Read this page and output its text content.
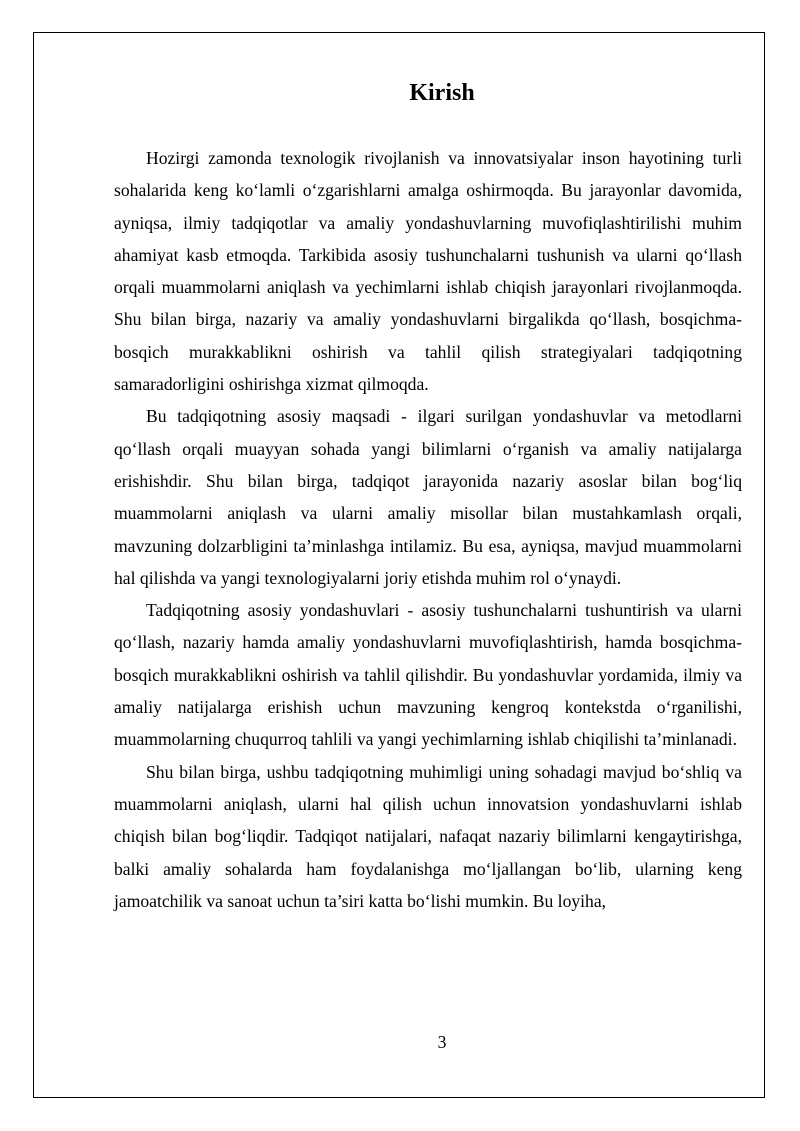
Kirish

Hozirgi zamonda texnologik rivojlanish va innovatsiyalar inson hayotining turli sohalarida keng ko‘lamli o‘zgarishlarni amalga oshirmoqda. Bu jarayonlar davomida, ayniqsa, ilmiy tadqiqotlar va amaliy yondashuvlarning muvofiqlashtirilishi muhim ahamiyat kasb etmoqda. Tarkibida asosiy tushunchalarni tushunish va ularni qo‘llash orqali muammolarni aniqlash va yechimlarni ishlab chiqish jarayonlari rivojlanmoqda. Shu bilan birga, nazariy va amaliy yondashuvlarni birgalikda qo‘llash, bosqichma-bosqich murakkablikni oshirish va tahlil qilish strategiyalari tadqiqotning samaradorligini oshirishga xizmat qilmoqda.

Bu tadqiqotning asosiy maqsadi - ilgari surilgan yondashuvlar va metodlarni qo‘llash orqali muayyan sohada yangi bilimlarni o‘rganish va amaliy natijalarga erishishdir. Shu bilan birga, tadqiqot jarayonida nazariy asoslar bilan bog‘liq muammolarni aniqlash va ularni amaliy misollar bilan mustahkamlash orqali, mavzuning dolzarbligini ta’minlashga intilamiz. Bu esa, ayniqsa, mavjud muammolarni hal qilishda va yangi texnologiyalarni joriy etishda muhim rol o‘ynaydi.

Tadqiqotning asosiy yondashuvlari - asosiy tushunchalarni tushuntirish va ularni qo‘llash, nazariy hamda amaliy yondashuvlarni muvofiqlashtirish, hamda bosqichma-bosqich murakkablikni oshirish va tahlil qilishdir. Bu yondashuvlar yordamida, ilmiy va amaliy natijalarga erishish uchun mavzuning kengroq kontekstda o‘rganilishi, muammolarning chuqurroq tahlili va yangi yechimlarning ishlab chiqilishi ta’minlanadi.

Shu bilan birga, ushbu tadqiqotning muhimligi uning sohadagi mavjud bo‘shliq va muammolarni aniqlash, ularni hal qilish uchun innovatsion yondashuvlarni ishlab chiqish bilan bog‘liqdir. Tadqiqot natijalari, nafaqat nazariy bilimlarni kengaytirishga, balki amaliy sohalarda ham foydalanishga mo‘ljallangan bo‘lib, ularning keng jamoatchilik va sanoat uchun ta’siri katta bo‘lishi mumkin. Bu loyiha,

3
